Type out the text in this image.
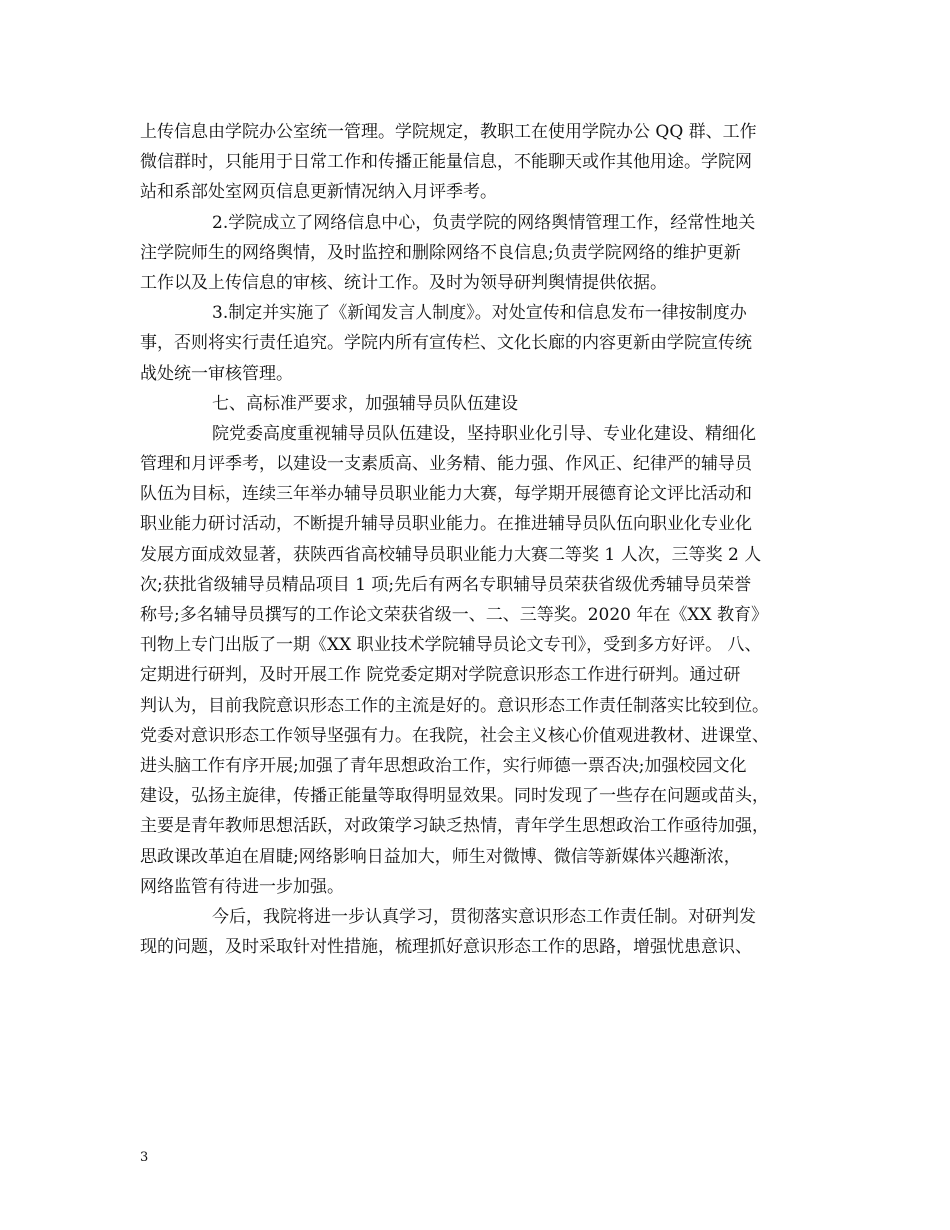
上传信息由学院办公室统一管理。学院规定，教职工在使用学院办公 QQ 群、工作
微信群时，只能用于日常工作和传播正能量信息，不能聊天或作其他用途。学院网
站和系部处室网页信息更新情况纳入月评季考。
2.学院成立了网络信息中心，负责学院的网络舆情管理工作，经常性地关
注学院师生的网络舆情，及时监控和删除网络不良信息;负责学院网络的维护更新
工作以及上传信息的审核、统计工作。及时为领导研判舆情提供依据。
3.制定并实施了《新闻发言人制度》。对处宣传和信息发布一律按制度办
事，否则将实行责任追究。学院内所有宣传栏、文化长廊的内容更新由学院宣传统
战处统一审核管理。
七、高标准严要求，加强辅导员队伍建设
院党委高度重视辅导员队伍建设，坚持职业化引导、专业化建设、精细化
管理和月评季考，以建设一支素质高、业务精、能力强、作风正、纪律严的辅导员
队伍为目标，连续三年举办辅导员职业能力大赛，每学期开展德育论文评比活动和
职业能力研讨活动，不断提升辅导员职业能力。在推进辅导员队伍向职业化专业化
发展方面成效显著，获陕西省高校辅导员职业能力大赛二等奖 1 人次，三等奖 2 人
次;获批省级辅导员精品项目 1 项;先后有两名专职辅导员荣获省级优秀辅导员荣誉
称号;多名辅导员撰写的工作论文荣获省级一、二、三等奖。2020 年在《XX 教育》
刊物上专门出版了一期《XX 职业技术学院辅导员论文专刊》，受到多方好评。 八、
定期进行研判，及时开展工作 院党委定期对学院意识形态工作进行研判。通过研
判认为，目前我院意识形态工作的主流是好的。意识形态工作责任制落实比较到位。
党委对意识形态工作领导坚强有力。在我院，社会主义核心价值观进教材、进课堂、
进头脑工作有序开展;加强了青年思想政治工作，实行师德一票否决;加强校园文化
建设，弘扬主旋律，传播正能量等取得明显效果。同时发现了一些存在问题或苗头，
主要是青年教师思想活跃，对政策学习缺乏热情，青年学生思想政治工作亟待加强，
思政课改革迫在眉睫;网络影响日益加大，师生对微博、微信等新媒体兴趣渐浓，
网络监管有待进一步加强。
今后，我院将进一步认真学习，贯彻落实意识形态工作责任制。对研判发
现的问题，及时采取针对性措施，梳理抓好意识形态工作的思路，增强忧患意识、
3
